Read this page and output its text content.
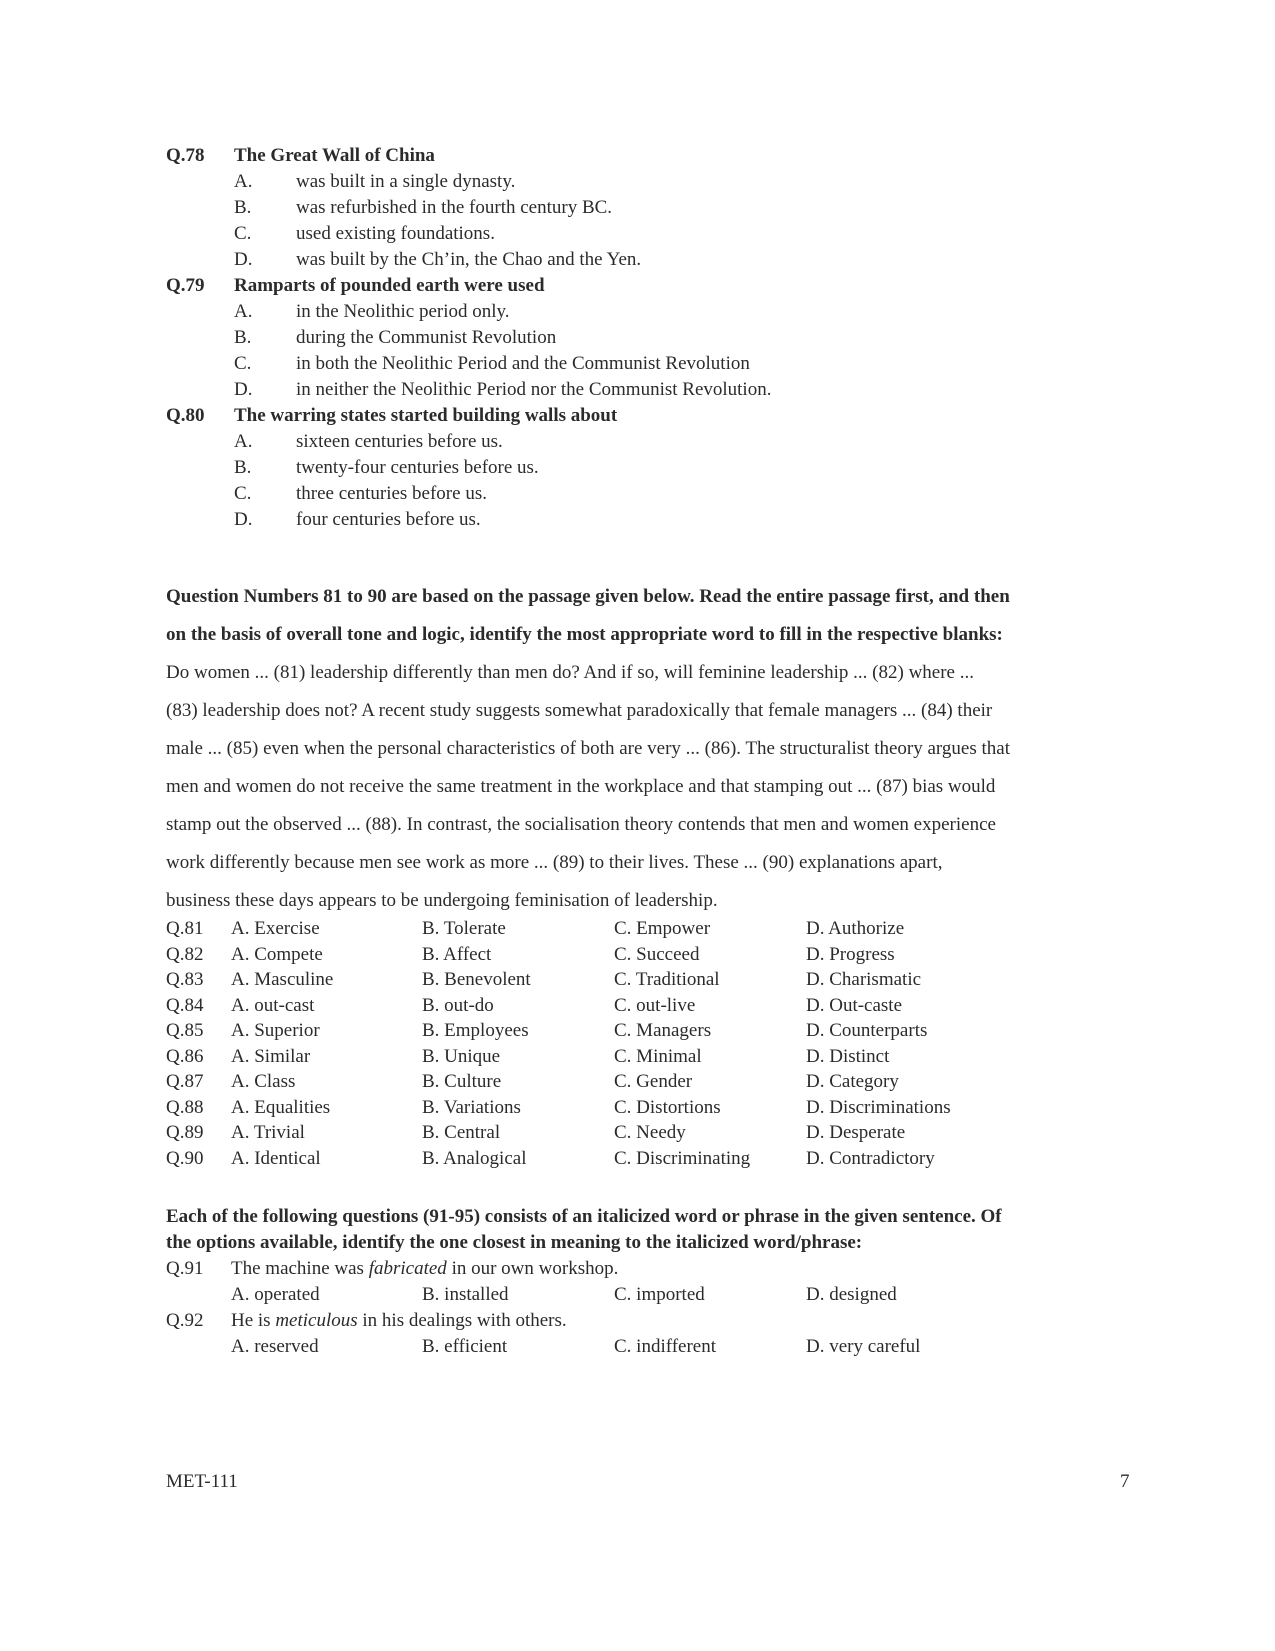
Q.78 The Great Wall of China
A. was built in a single dynasty.
B. was refurbished in the fourth century BC.
C. used existing foundations.
D. was built by the Ch’in, the Chao and the Yen.
Q.79 Ramparts of pounded earth were used
A. in the Neolithic period only.
B. during the Communist Revolution
C. in both the Neolithic Period and the Communist Revolution
D. in neither the Neolithic Period nor the Communist Revolution.
Q.80 The warring states started building walls about
A. sixteen centuries before us.
B. twenty-four centuries before us.
C. three centuries before us.
D. four centuries before us.
Question Numbers 81 to 90 are based on the passage given below. Read the entire passage first, and then
on the basis of overall tone and logic, identify the most appropriate word to fill in the respective blanks:
Do women ... (81) leadership differently than men do? And if so, will feminine leadership ... (82) where ...
(83) leadership does not? A recent study suggests somewhat paradoxically that female managers ... (84) their
male ... (85) even when the personal characteristics of both are very ... (86). The structuralist theory argues that
men and women do not receive the same treatment in the workplace and that stamping out ... (87) bias would
stamp out the observed ... (88). In contrast, the socialisation theory contends that men and women experience
work differently because men see work as more ... (89) to their lives. These ... (90) explanations apart,
business these days appears to be undergoing feminisation of leadership.
Q.81 A. Exercise	B. Tolerate	C. Empower	D. Authorize
Q.82 A. Compete	B. Affect	C. Succeed	D. Progress
Q.83 A. Masculine	B. Benevolent	C. Traditional	D. Charismatic
Q.84 A. out-cast	B. out-do	C. out-live	D. Out-caste
Q.85 A. Superior	B. Employees	C. Managers	D. Counterparts
Q.86 A. Similar	B. Unique	C. Minimal	D. Distinct
Q.87 A. Class	B. Culture	C. Gender	D. Category
Q.88 A. Equalities	B. Variations	C. Distortions	D. Discriminations
Q.89 A. Trivial	B. Central	C. Needy	D. Desperate
Q.90 A. Identical	B. Analogical	C. Discriminating	D. Contradictory
Each of the following questions (91-95) consists of an italicized word or phrase in the given sentence. Of
the options available, identify the one closest in meaning to the italicized word/phrase:
Q.91 The machine was fabricated in our own workshop.
A. operated	B. installed	C. imported	D. designed
Q.92 He is meticulous in his dealings with others.
A. reserved	B. efficient	C. indifferent	D. very careful
MET-111	7
